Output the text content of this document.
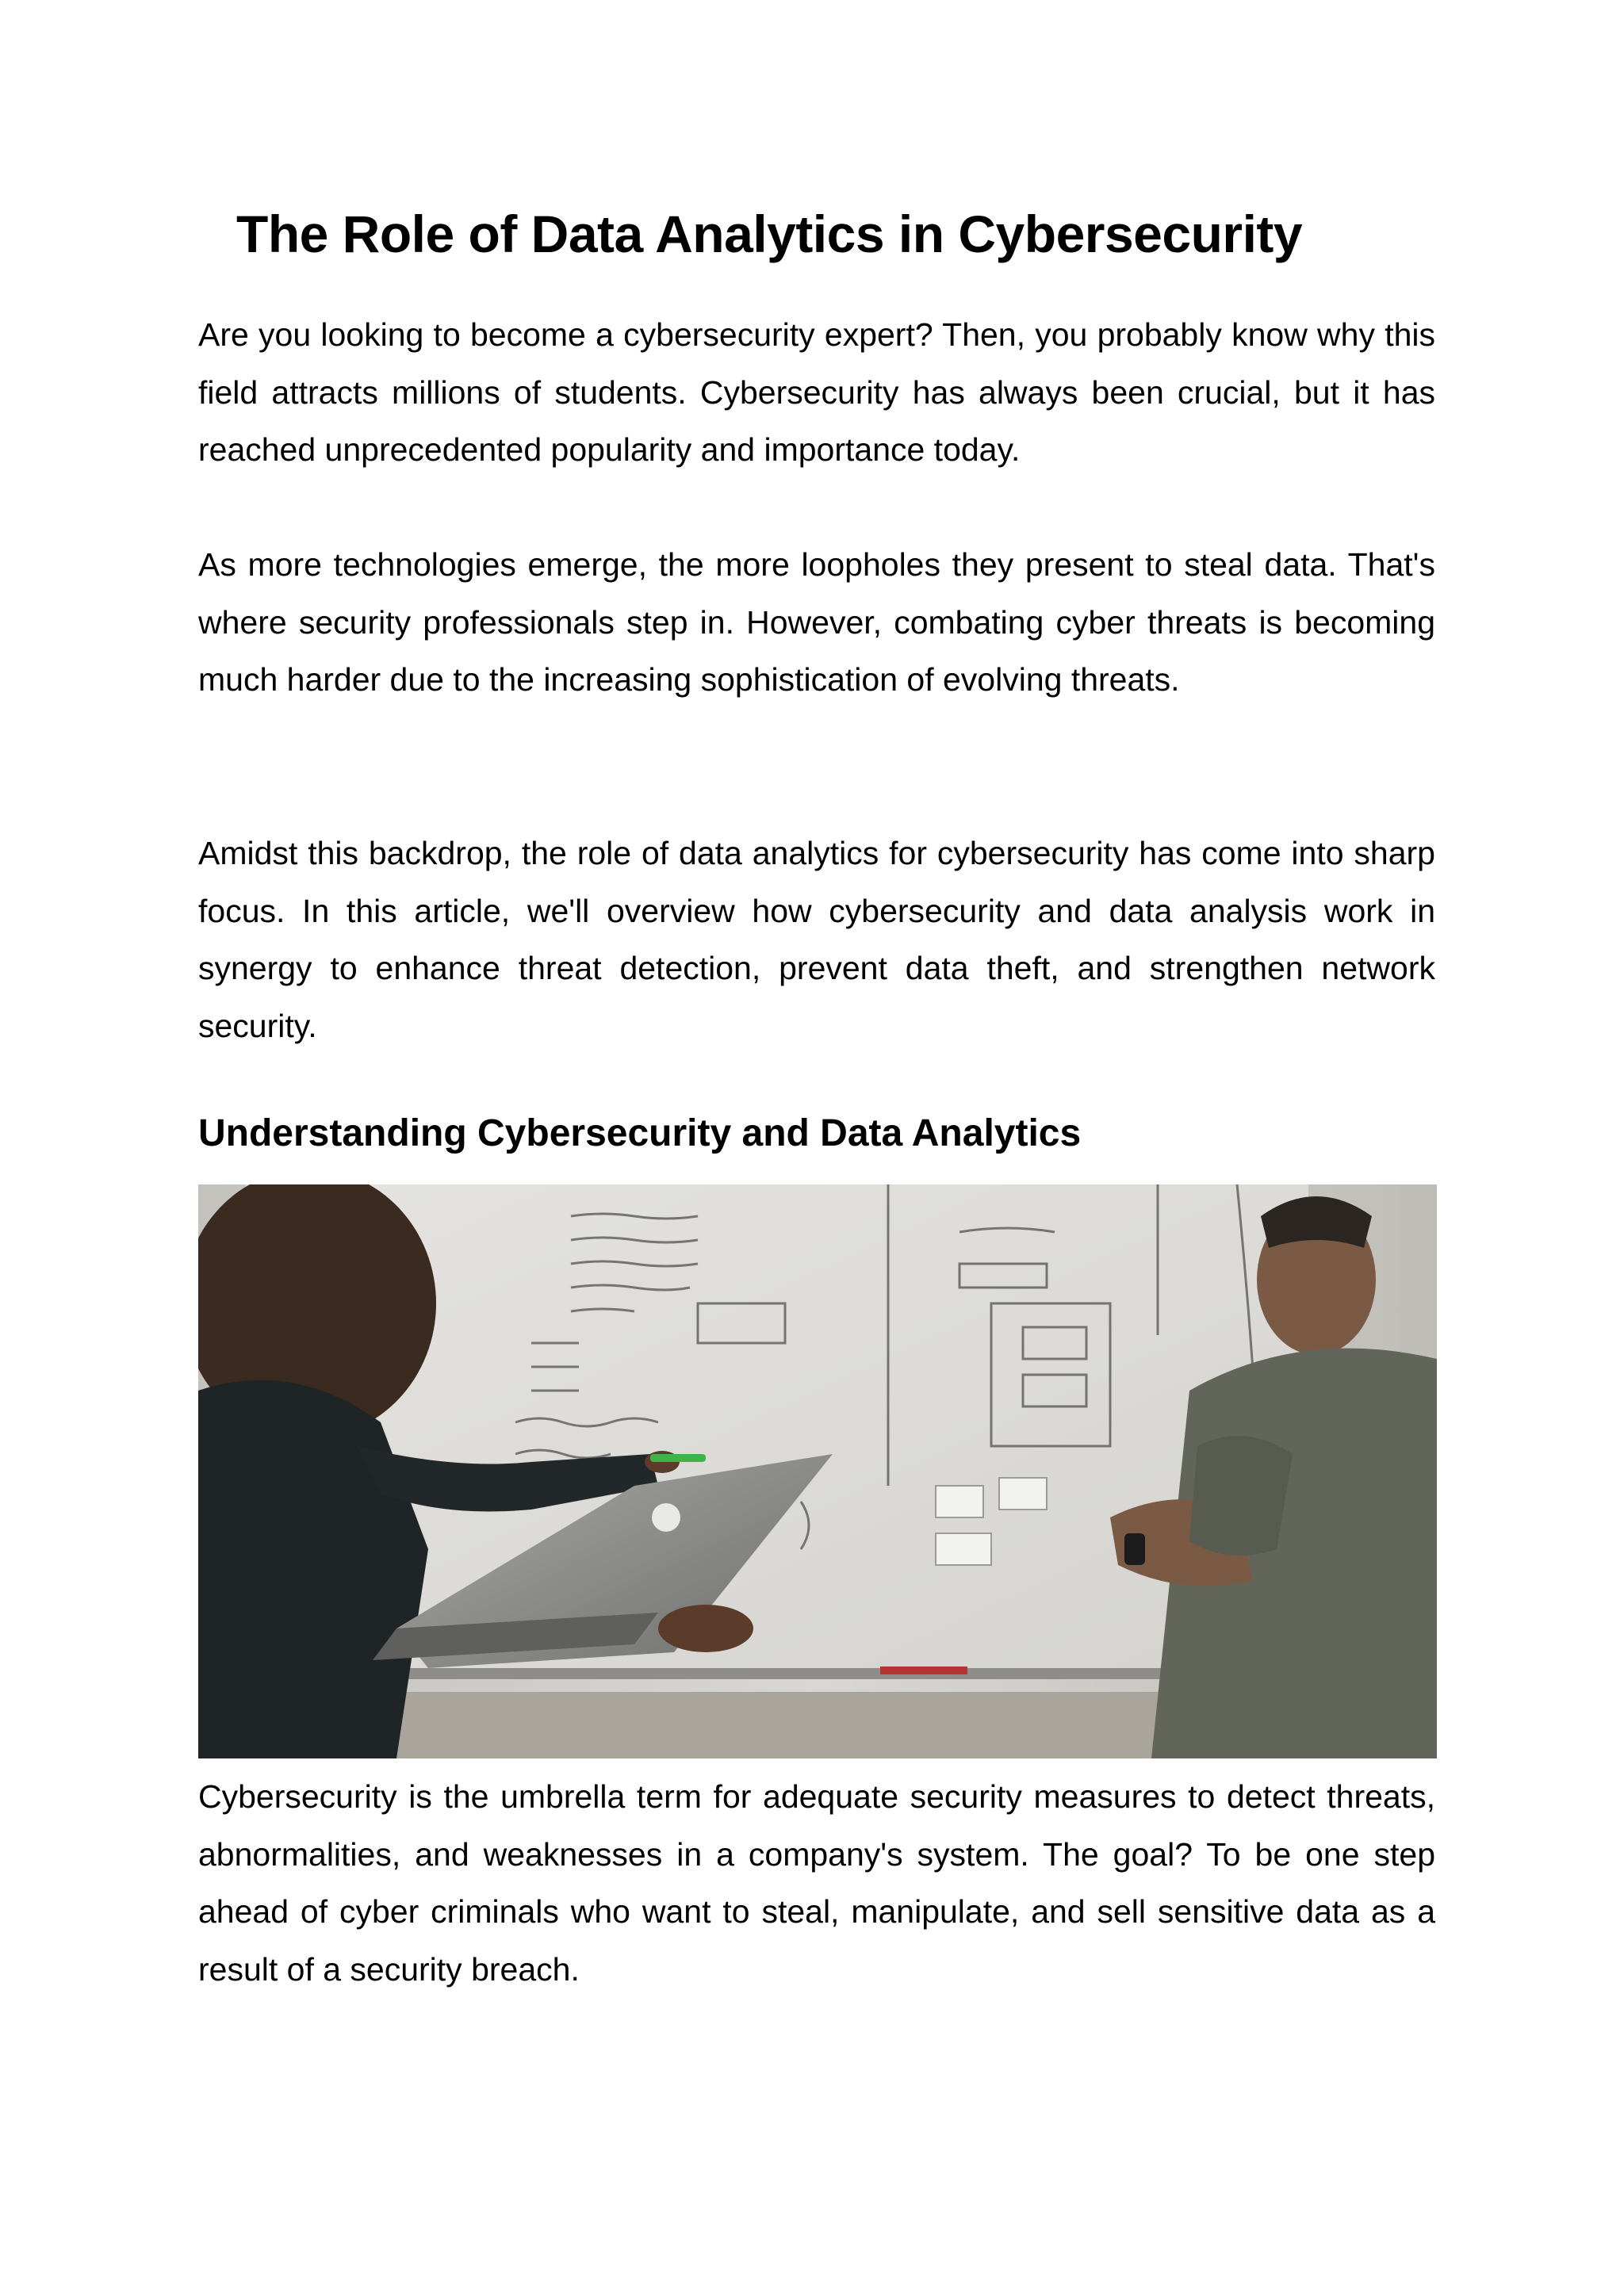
The Role of Data Analytics in Cybersecurity

Are you looking to become a cybersecurity expert? Then, you probably know why this field attracts millions of students. Cybersecurity has always been crucial, but it has reached unprecedented popularity and importance today.

As more technologies emerge, the more loopholes they present to steal data. That's where security professionals step in. However, combating cyber threats is becoming much harder due to the increasing sophistication of evolving threats.

Amidst this backdrop, the role of data analytics for cybersecurity has come into sharp focus. In this article, we'll overview how cybersecurity and data analysis work in synergy to enhance threat detection, prevent data theft, and strengthen network security.

Understanding Cybersecurity and Data Analytics

Cybersecurity is the umbrella term for adequate security measures to detect threats, abnormalities, and weaknesses in a company's system. The goal? To be one step ahead of cyber criminals who want to steal, manipulate, and sell sensitive data as a result of a security breach.
